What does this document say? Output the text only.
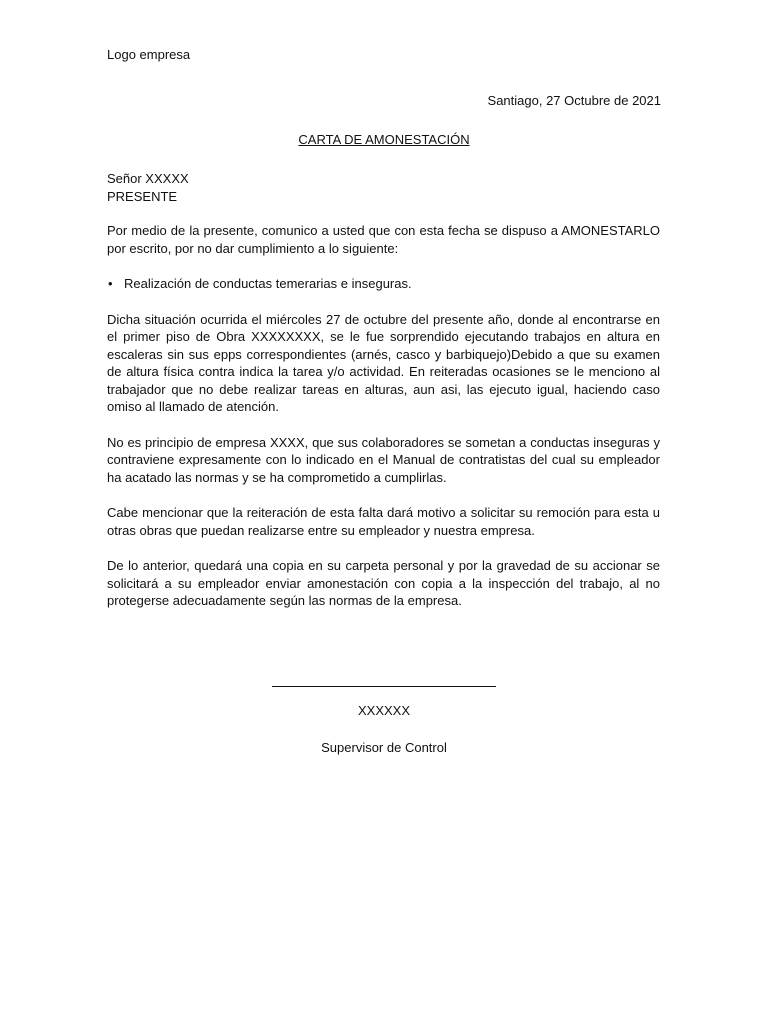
Logo empresa
Santiago, 27 Octubre de 2021
CARTA DE AMONESTACIÓN
Señor XXXXX
PRESENTE

Por medio de la presente, comunico a usted que con esta fecha se dispuso a AMONESTARLO por escrito, por no dar cumplimiento a lo siguiente:

• Realización de conductas temerarias e inseguras.

Dicha situación ocurrida el miércoles 27 de octubre del presente año, donde al encontrarse en el primer piso de Obra XXXXXXXX, se le fue sorprendido ejecutando trabajos en altura en escaleras sin sus epps correspondientes (arnés, casco y barbiquejo)Debido a que su examen de altura física contra indica la tarea y/o actividad. En reiteradas ocasiones se le menciono al trabajador que no debe realizar tareas en alturas, aun asi, las ejecuto igual, haciendo caso omiso al llamado de atención.

No es principio de empresa XXXX, que sus colaboradores se sometan a conductas inseguras y contraviene expresamente con lo indicado en el Manual de contratistas del cual su empleador ha acatado las normas y se ha comprometido a cumplirlas.

Cabe mencionar que la reiteración de esta falta dará motivo a solicitar su remoción para esta u otras obras que puedan realizarse entre su empleador y nuestra empresa.

De lo anterior, quedará una copia en su carpeta personal y por la gravedad de su accionar se solicitará a su empleador enviar amonestación con copia a la inspección del trabajo, al no protegerse adecuadamente según las normas de la empresa.

XXXXXX
Supervisor de Control
